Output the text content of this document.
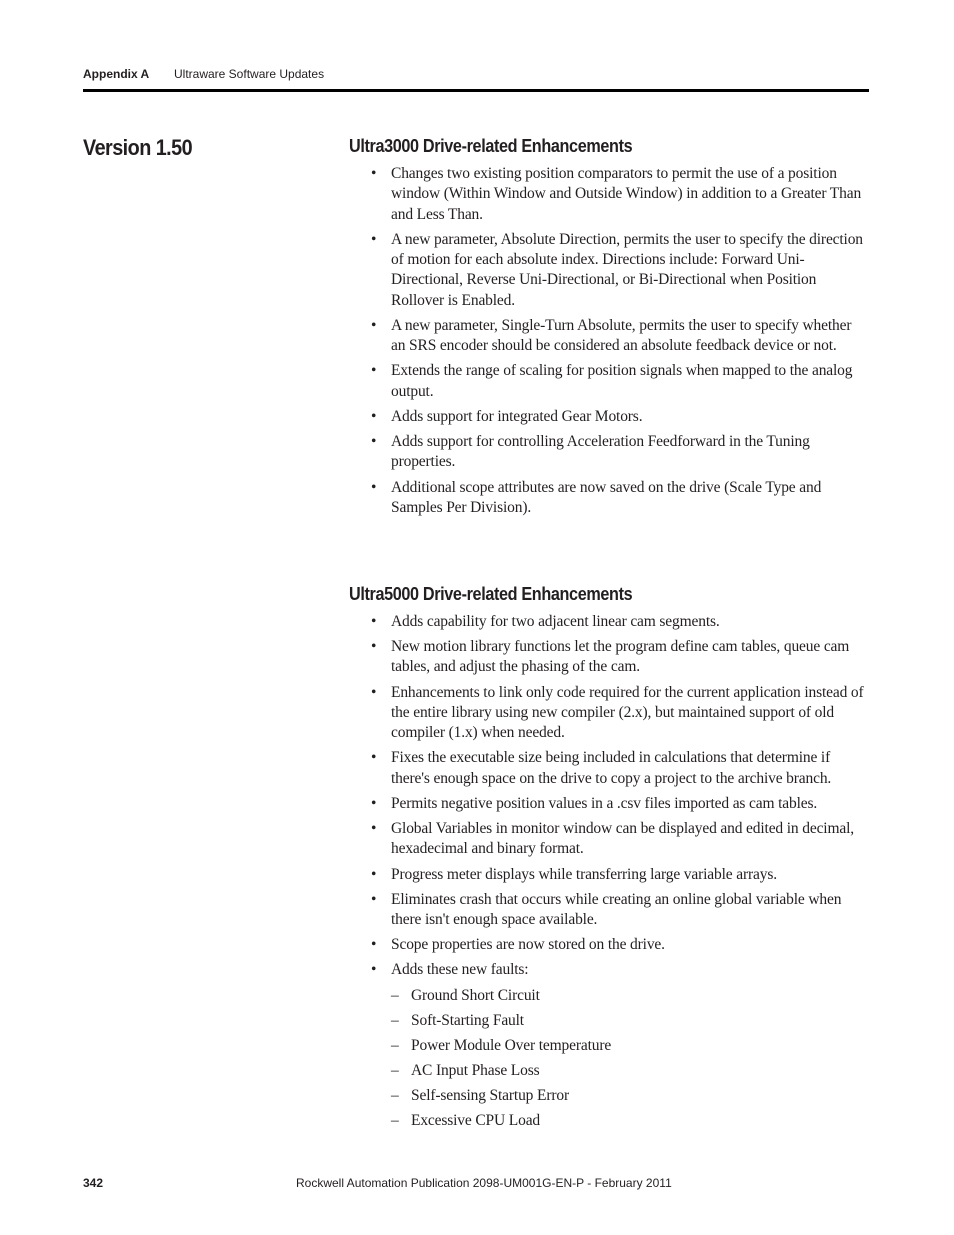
Appendix A Ultraware Software Updates
Version 1.50	Ultra3000 Drive-related Enhancements
• Changes two existing position comparators to permit the use of a position window (Within Window and Outside Window) in addition to a Greater Than and Less Than.
• A new parameter, Absolute Direction, permits the user to specify the direction of motion for each absolute index. Directions include: Forward Uni-Directional, Reverse Uni-Directional, or Bi-Directional when Position Rollover is Enabled.
• A new parameter, Single-Turn Absolute, permits the user to specify whether an SRS encoder should be considered an absolute feedback device or not.
• Extends the range of scaling for position signals when mapped to the analog output.
• Adds support for integrated Gear Motors.
• Adds support for controlling Acceleration Feedforward in the Tuning properties.
• Additional scope attributes are now saved on the drive (Scale Type and Samples Per Division).
Ultra5000 Drive-related Enhancements
• Adds capability for two adjacent linear cam segments.
• New motion library functions let the program define cam tables, queue cam tables, and adjust the phasing of the cam.
• Enhancements to link only code required for the current application instead of the entire library using new compiler (2.x), but maintained support of old compiler (1.x) when needed.
• Fixes the executable size being included in calculations that determine if there's enough space on the drive to copy a project to the archive branch.
• Permits negative position values in a .csv files imported as cam tables.
• Global Variables in monitor window can be displayed and edited in decimal, hexadecimal and binary format.
• Progress meter displays while transferring large variable arrays.
• Eliminates crash that occurs while creating an online global variable when there isn't enough space available.
• Scope properties are now stored on the drive.
• Adds these new faults:
– Ground Short Circuit
– Soft-Starting Fault
– Power Module Over temperature
– AC Input Phase Loss
– Self-sensing Startup Error
– Excessive CPU Load
342	Rockwell Automation Publication 2098-UM001G-EN-P - February 2011
